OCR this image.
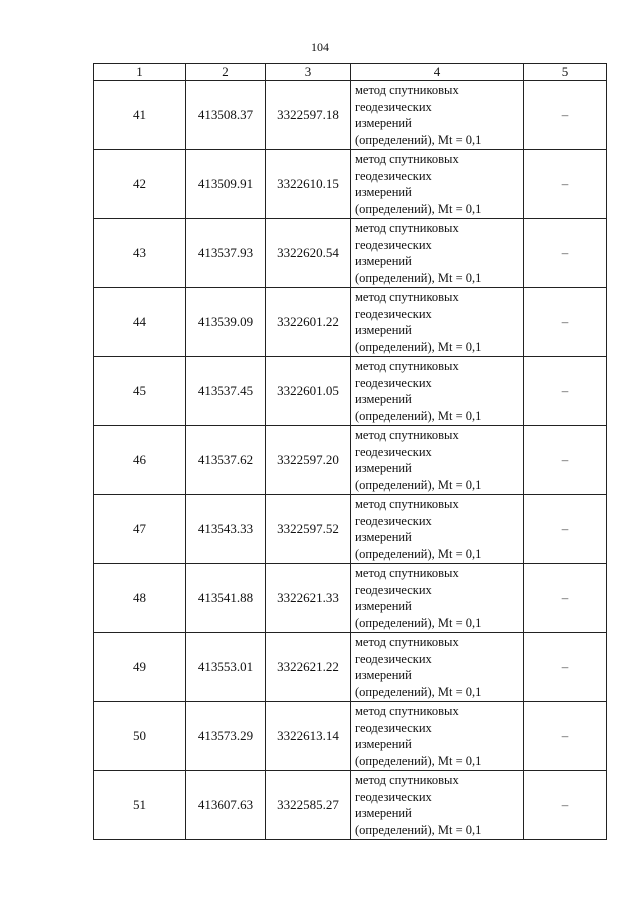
104
1	2	3	4	5
41	413508.37	3322597.18	метод спутниковых
геодезических
измерений
(определений), Mt = 0,1	–
42	413509.91	3322610.15	метод спутниковых
геодезических
измерений
(определений), Mt = 0,1	–
43	413537.93	3322620.54	метод спутниковых
геодезических
измерений
(определений), Mt = 0,1	–
44	413539.09	3322601.22	метод спутниковых
геодезических
измерений
(определений), Mt = 0,1	–
45	413537.45	3322601.05	метод спутниковых
геодезических
измерений
(определений), Mt = 0,1	–
46	413537.62	3322597.20	метод спутниковых
геодезических
измерений
(определений), Mt = 0,1	–
47	413543.33	3322597.52	метод спутниковых
геодезических
измерений
(определений), Mt = 0,1	–
48	413541.88	3322621.33	метод спутниковых
геодезических
измерений
(определений), Mt = 0,1	–
49	413553.01	3322621.22	метод спутниковых
геодезических
измерений
(определений), Mt = 0,1	–
50	413573.29	3322613.14	метод спутниковых
геодезических
измерений
(определений), Mt = 0,1	–
51	413607.63	3322585.27	метод спутниковых
геодезических
измерений
(определений), Mt = 0,1	–
